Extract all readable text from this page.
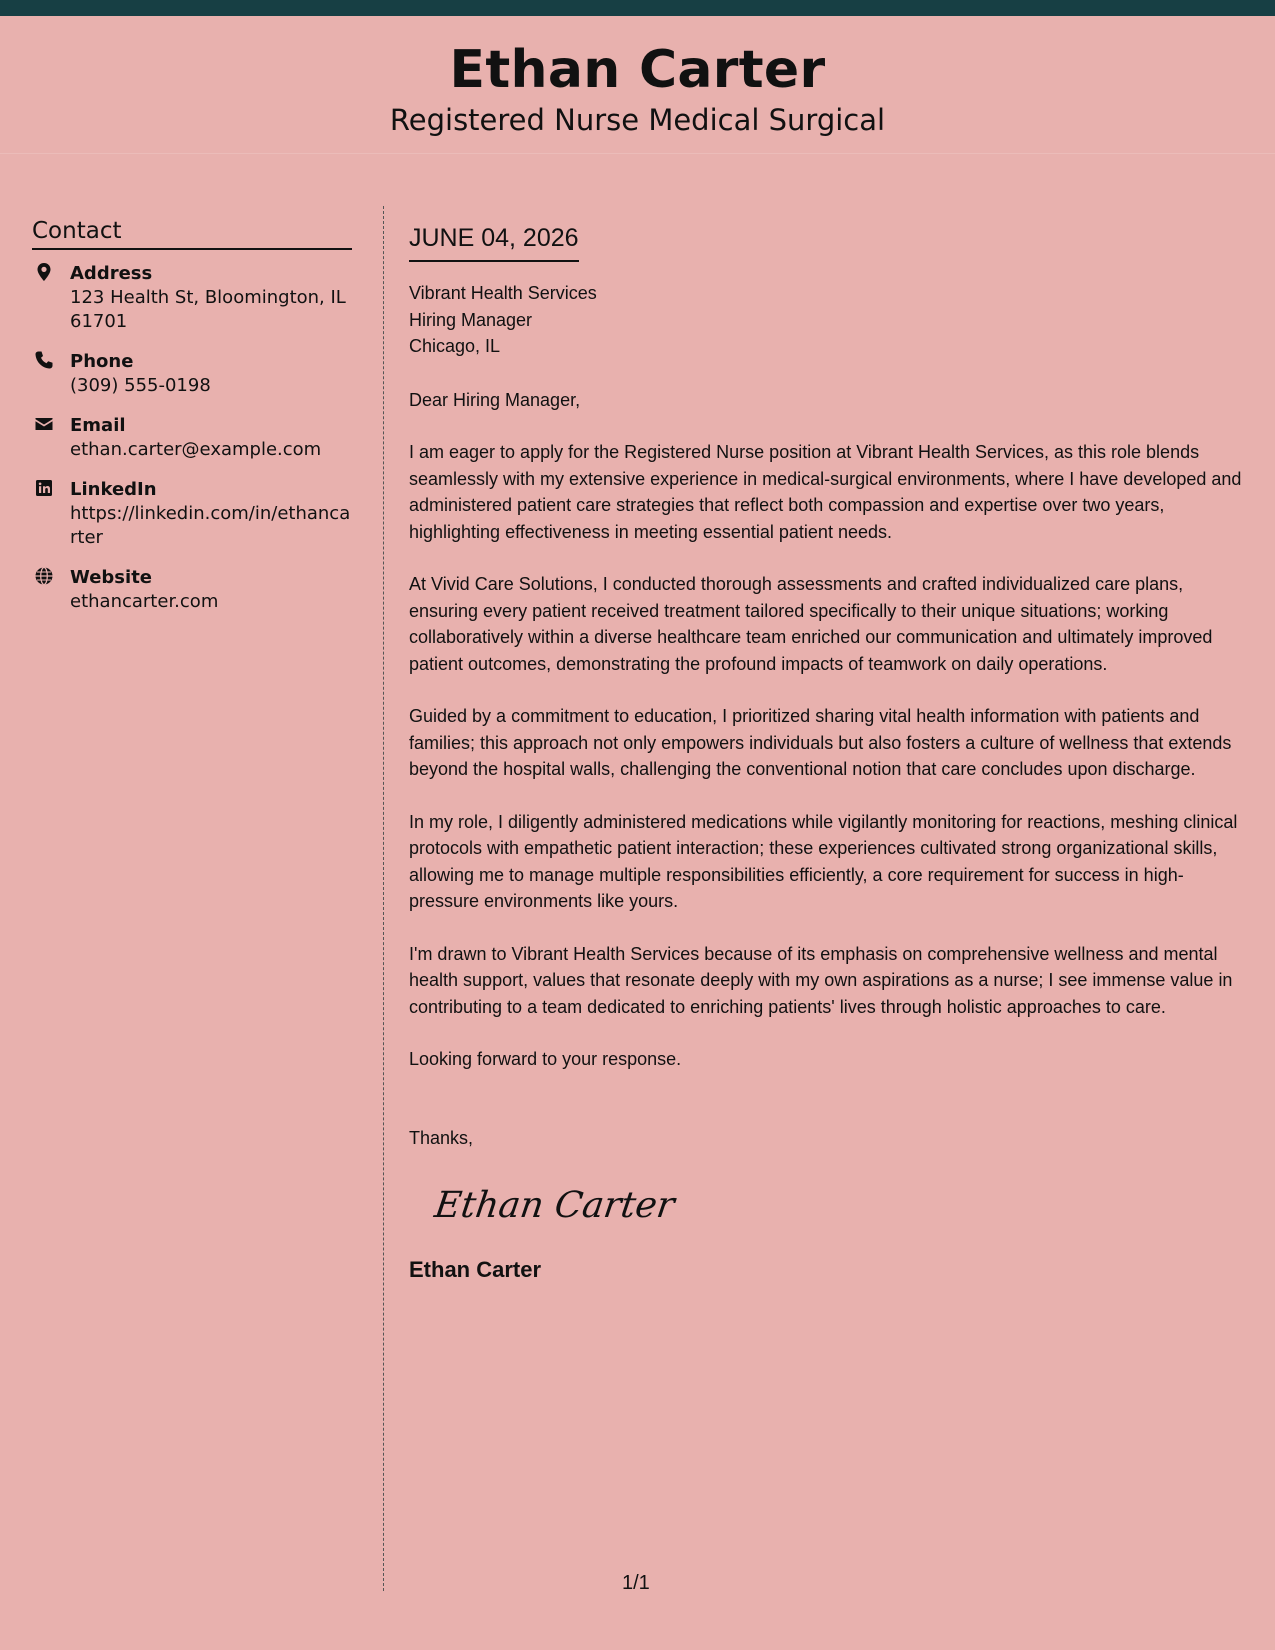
Ethan Carter
Registered Nurse Medical Surgical
Contact
Address
123 Health St, Bloomington, IL 61701
Phone
(309) 555-0198
Email
ethan.carter@example.com
LinkedIn
https://linkedin.com/in/ethancarter
Website
ethancarter.com
JUNE 04, 2026

Vibrant Health Services

Hiring Manager

Chicago, IL

Dear Hiring Manager,

I am eager to apply for the Registered Nurse position at Vibrant Health Services, as this role blends seamlessly with my extensive experience in medical-surgical environments, where I have developed and administered patient care strategies that reflect both compassion and expertise over two years, highlighting effectiveness in meeting essential patient needs.

At Vivid Care Solutions, I conducted thorough assessments and crafted individualized care plans, ensuring every patient received treatment tailored specifically to their unique situations; working collaboratively within a diverse healthcare team enriched our communication and ultimately improved patient outcomes, demonstrating the profound impacts of teamwork on daily operations.

Guided by a commitment to education, I prioritized sharing vital health information with patients and families; this approach not only empowers individuals but also fosters a culture of wellness that extends beyond the hospital walls, challenging the conventional notion that care concludes upon discharge.

In my role, I diligently administered medications while vigilantly monitoring for reactions, meshing clinical protocols with empathetic patient interaction; these experiences cultivated strong organizational skills, allowing me to manage multiple responsibilities efficiently, a core requirement for success in high-pressure environments like yours.

I'm drawn to Vibrant Health Services because of its emphasis on comprehensive wellness and mental health support, values that resonate deeply with my own aspirations as a nurse; I see immense value in contributing to a team dedicated to enriching patients' lives through holistic approaches to care.

Looking forward to your response.

Thanks,

Ethan Carter
Ethan Carter
1/1
